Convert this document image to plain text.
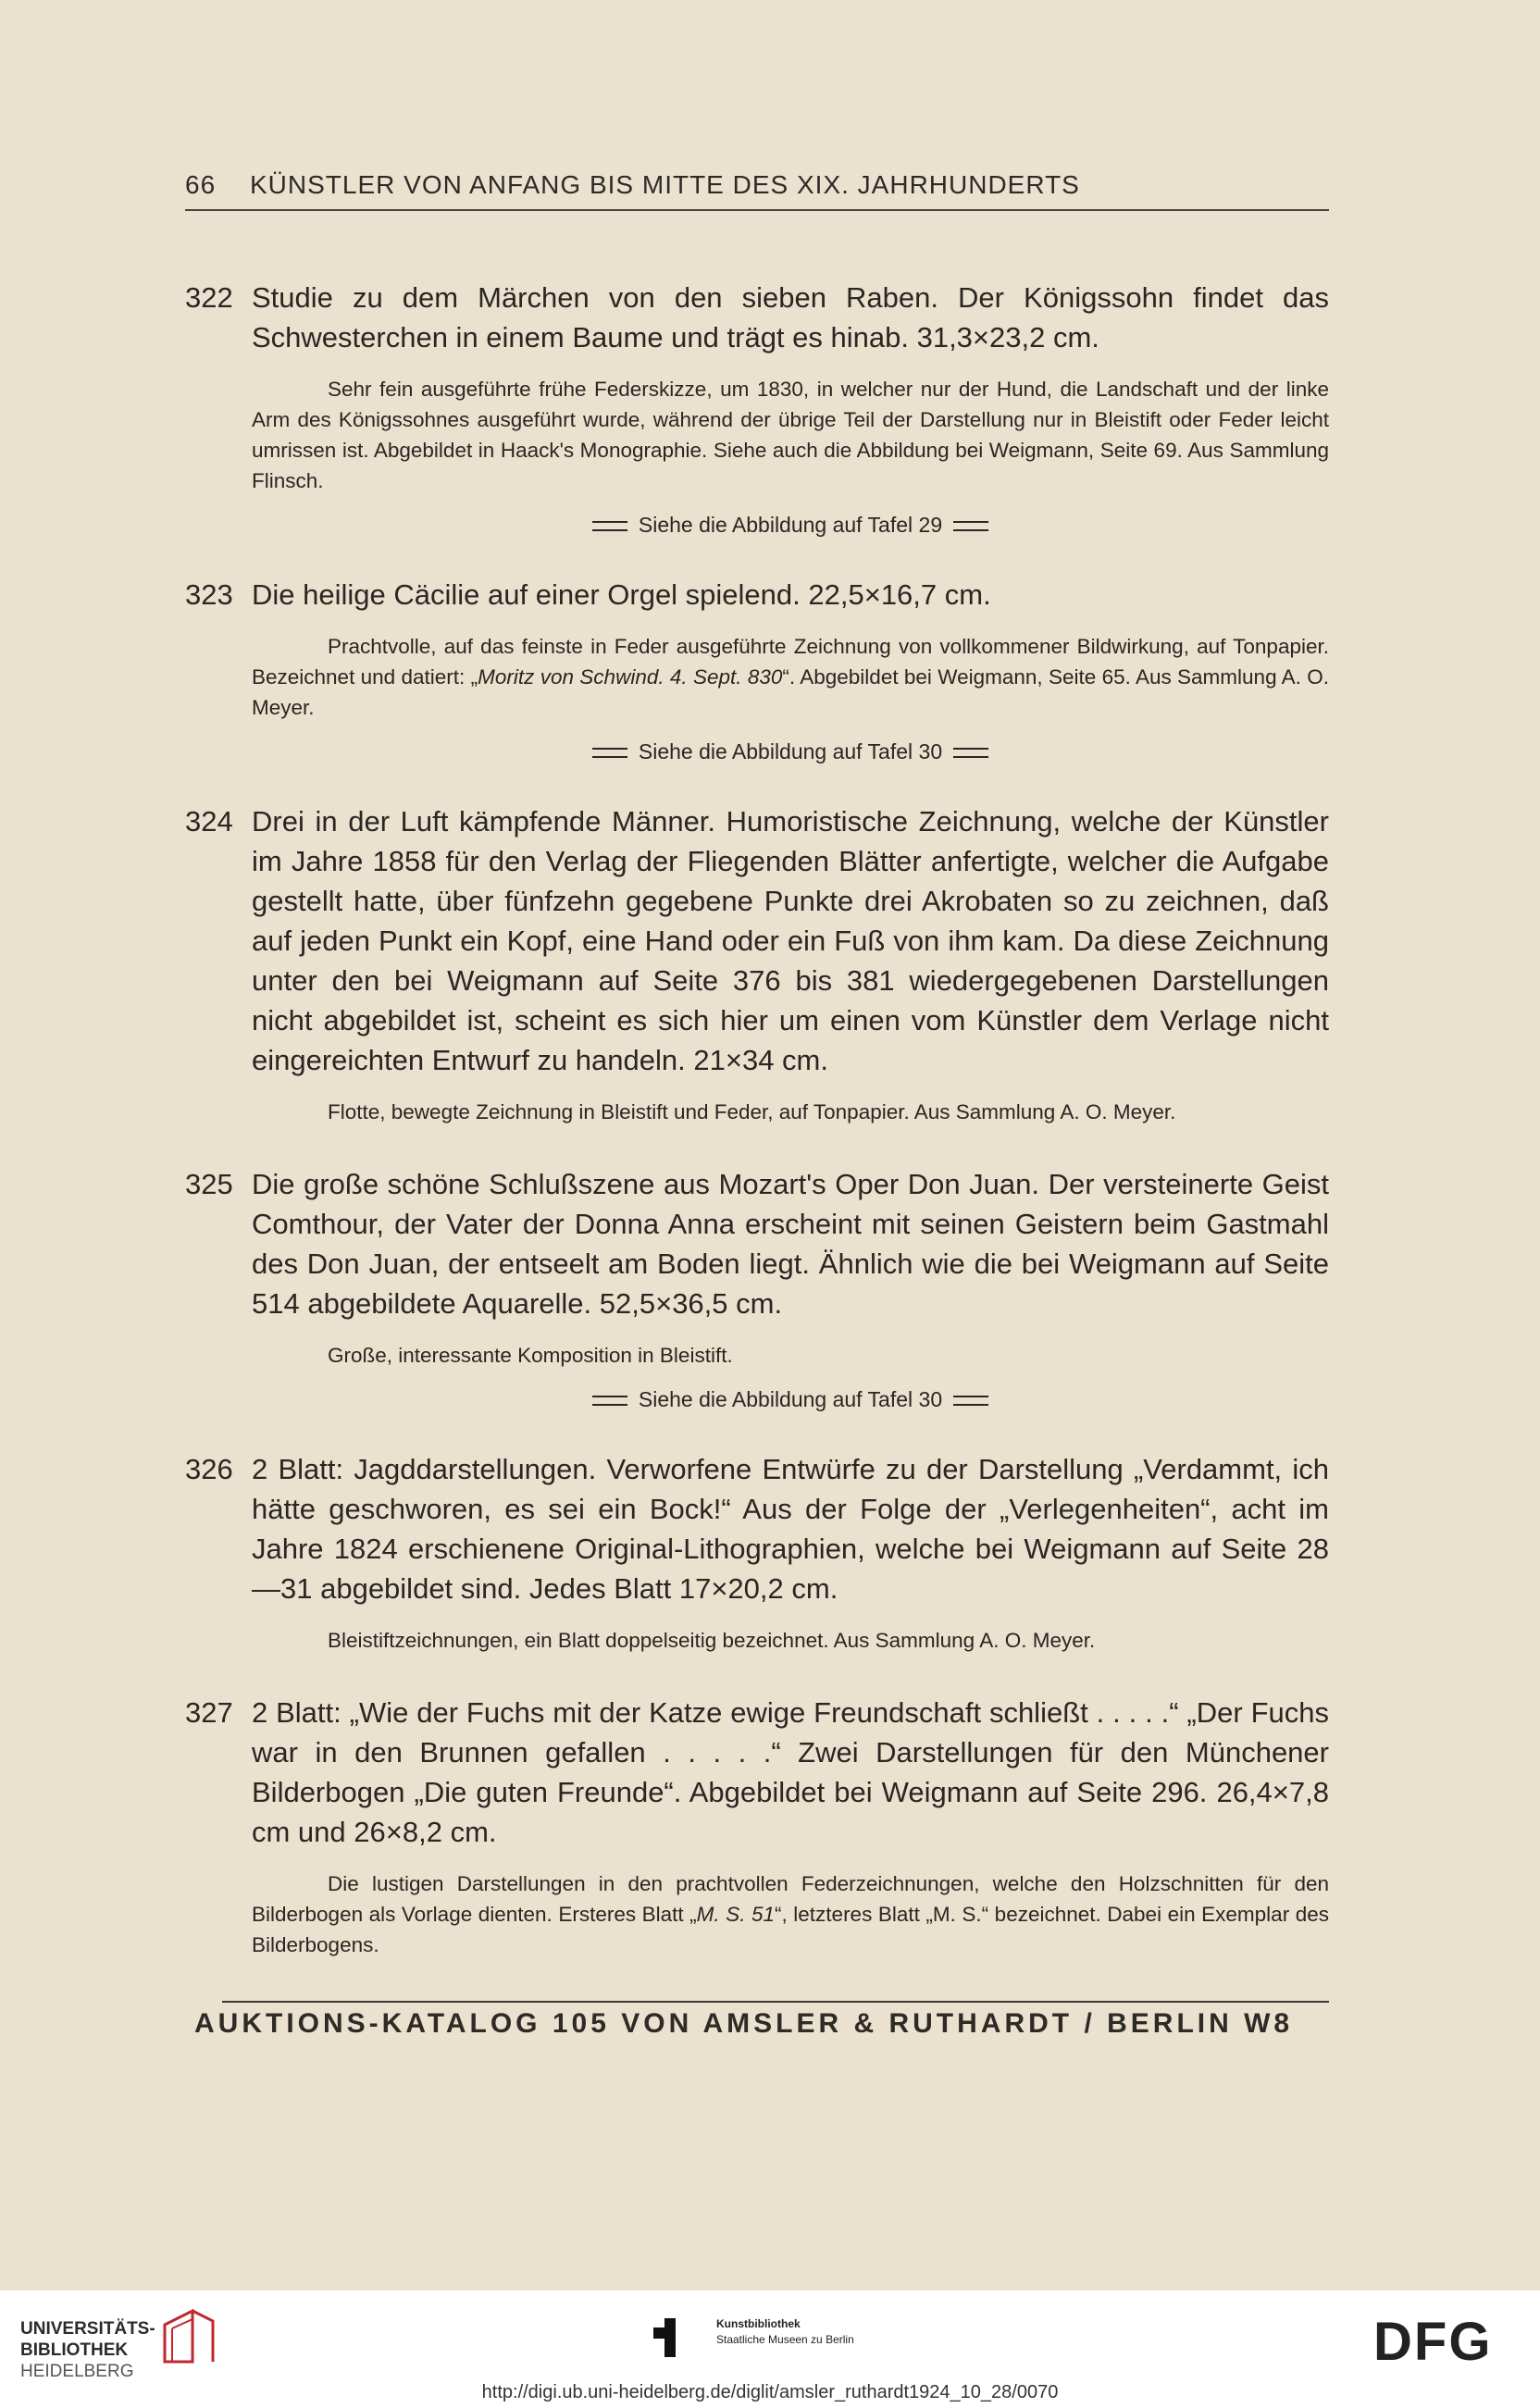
66	KÜNSTLER VON ANFANG BIS MITTE DES XIX. JAHRHUNDERTS
322 Studie zu dem Märchen von den sieben Raben. Der Königssohn findet das Schwesterchen in einem Baume und trägt es hinab. 31,3×23,2 cm.
Sehr fein ausgeführte frühe Federskizze, um 1830, in welcher nur der Hund, die Landschaft und der linke Arm des Königssohnes ausgeführt wurde, während der übrige Teil der Darstellung nur in Bleistift oder Feder leicht umrissen ist. Abgebildet in Haack's Monographie. Siehe auch die Abbildung bei Weigmann, Seite 69. Aus Sammlung Flinsch.
Siehe die Abbildung auf Tafel 29
323 Die heilige Cäcilie auf einer Orgel spielend. 22,5×16,7 cm.
Prachtvolle, auf das feinste in Feder ausgeführte Zeichnung von vollkommener Bildwirkung, auf Tonpapier. Bezeichnet und datiert: „Moritz von Schwind. 4. Sept. 830“. Abgebildet bei Weigmann, Seite 65. Aus Sammlung A. O. Meyer.
Siehe die Abbildung auf Tafel 30
324 Drei in der Luft kämpfende Männer. Humoristische Zeichnung, welche der Künstler im Jahre 1858 für den Verlag der Fliegenden Blätter anfertigte, welcher die Aufgabe gestellt hatte, über fünfzehn gegebene Punkte drei Akrobaten so zu zeichnen, daß auf jeden Punkt ein Kopf, eine Hand oder ein Fuß von ihm kam. Da diese Zeichnung unter den bei Weigmann auf Seite 376 bis 381 wiedergegebenen Darstellungen nicht abgebildet ist, scheint es sich hier um einen vom Künstler dem Verlage nicht eingereichten Entwurf zu handeln. 21×34 cm.
Flotte, bewegte Zeichnung in Bleistift und Feder, auf Tonpapier. Aus Sammlung A. O. Meyer.
325 Die große schöne Schlußszene aus Mozart's Oper Don Juan. Der versteinerte Geist Comthour, der Vater der Donna Anna erscheint mit seinen Geistern beim Gastmahl des Don Juan, der entseelt am Boden liegt. Ähnlich wie die bei Weigmann auf Seite 514 abgebildete Aquarelle. 52,5×36,5 cm.
Große, interessante Komposition in Bleistift.
Siehe die Abbildung auf Tafel 30
326 2 Blatt: Jagddarstellungen. Verworfene Entwürfe zu der Darstellung „Verdammt, ich hätte geschworen, es sei ein Bock!“ Aus der Folge der „Verlegenheiten“, acht im Jahre 1824 erschienene Original-Lithographien, welche bei Weigmann auf Seite 28—31 abgebildet sind. Jedes Blatt 17×20,2 cm.
Bleistiftzeichnungen, ein Blatt doppelseitig bezeichnet. Aus Sammlung A. O. Meyer.
327 2 Blatt: „Wie der Fuchs mit der Katze ewige Freundschaft schließt . . . . .“ „Der Fuchs war in den Brunnen gefallen . . . . .“ Zwei Darstellungen für den Münchener Bilderbogen „Die guten Freunde“. Abgebildet bei Weigmann auf Seite 296. 26,4×7,8 cm und 26×8,2 cm.
Die lustigen Darstellungen in den prachtvollen Federzeichnungen, welche den Holzschnitten für den Bilderbogen als Vorlage dienten. Ersteres Blatt „M. S. 51“, letzteres Blatt „M. S.“ bezeichnet. Dabei ein Exemplar des Bilderbogens.
AUKTIONS-KATALOG 105 VON AMSLER & RUTHARDT / BERLIN W8
UNIVERSITÄTS-
BIBLIOTHEK
HEIDELBERG
Kunstbibliothek
Staatliche Museen zu Berlin	DFG
http://digi.ub.uni-heidelberg.de/diglit/amsler_ruthardt1924_10_28/0070
